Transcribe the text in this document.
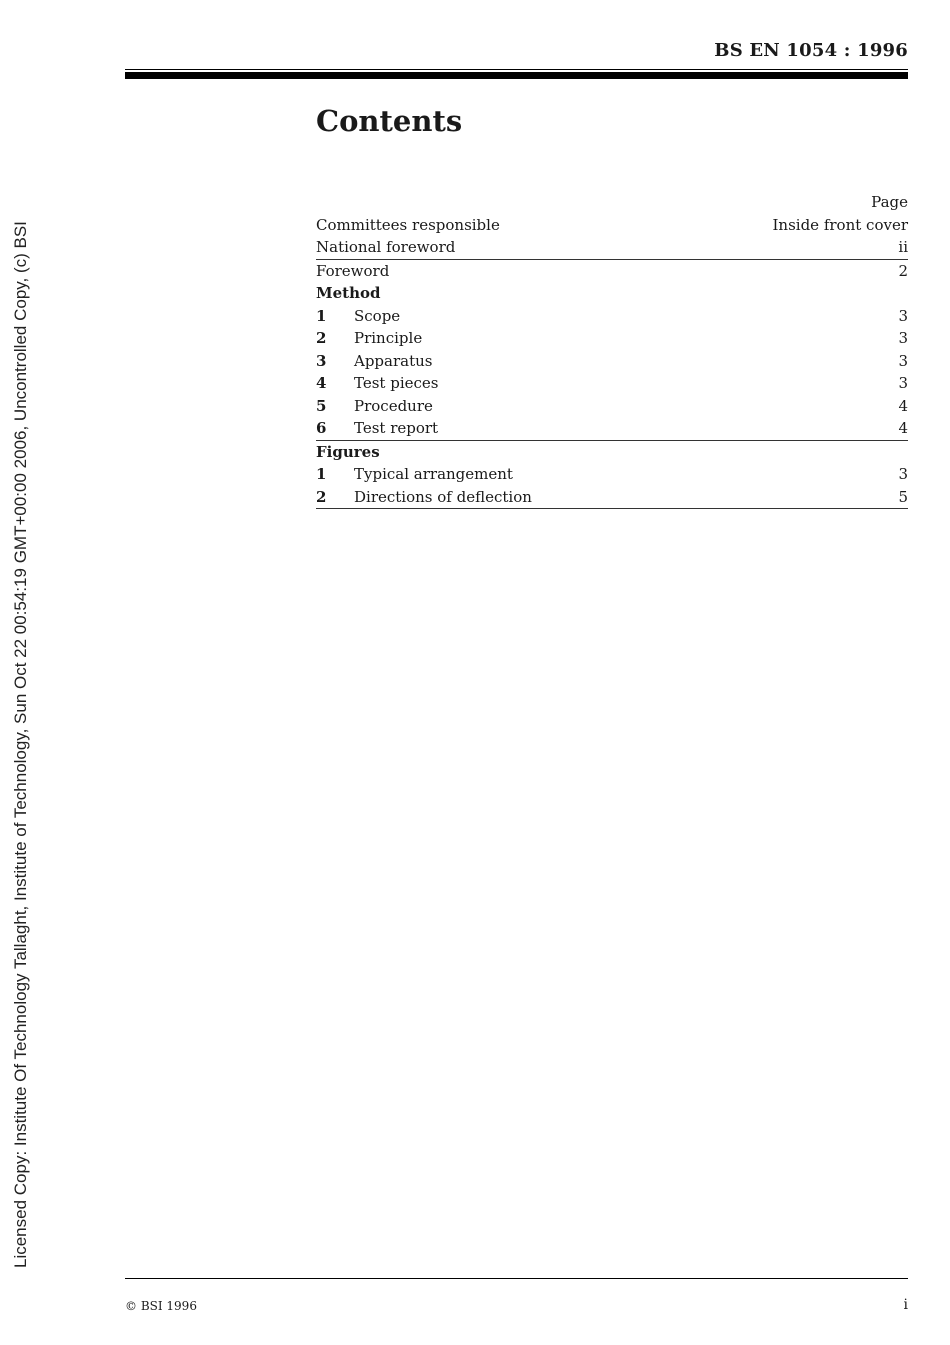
Licensed Copy: Institute Of Technology Tallaght, Institute of Technology, Sun Oct 22 00:54:19 GMT+00:00 2006, Uncontrolled Copy, (c) BSI
BS EN 1054 : 1996
Contents
Page
Committees responsible	Inside front cover
National foreword	ii
Foreword	2
Method
1 Scope	3
2 Principle	3
3 Apparatus	3
4 Test pieces	3
5 Procedure	4
6 Test report	4
Figures
1 Typical arrangement	3
2 Directions of deflection	5
© BSI 1996	i
